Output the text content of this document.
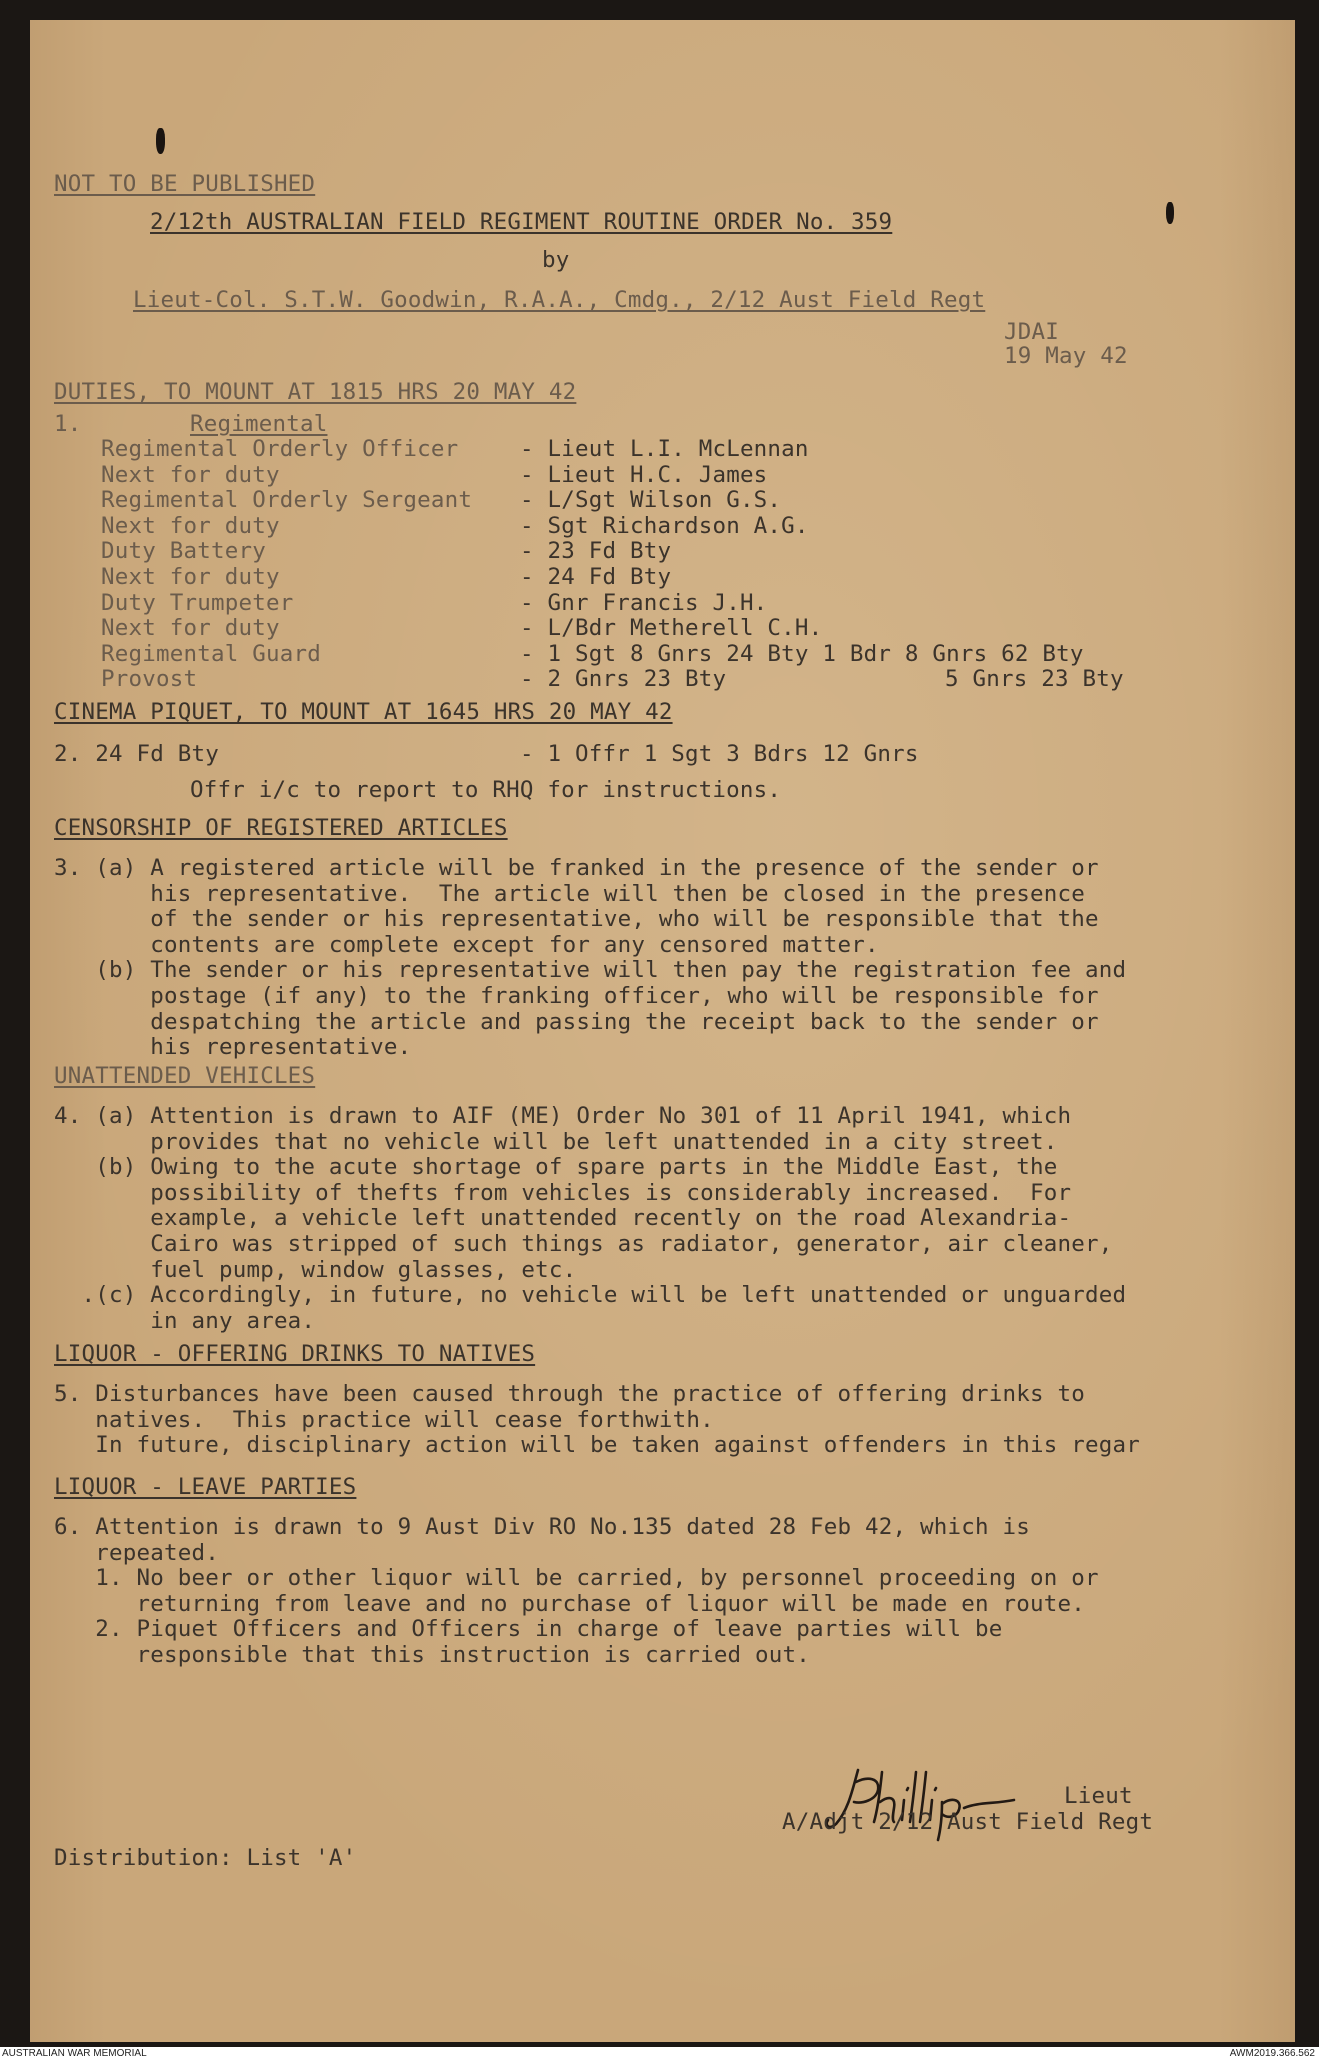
NOT TO BE PUBLISHED
2/12th AUSTRALIAN FIELD REGIMENT ROUTINE ORDER No. 359
by
Lieut-Col. S.T.W. Goodwin, R.A.A., Cmdg., 2/12 Aust Field Regt
JDAI
19 May 42
DUTIES, TO MOUNT AT 1815 HRS 20 MAY 42
1.	Regimental
Regimental Orderly Officer	- Lieut L.I. McLennan
Next for duty	- Lieut H.C. James
Regimental Orderly Sergeant - L/Sgt Wilson G.S.
Next for duty	- Sgt Richardson A.G.
Duty Battery	- 23 Fd Bty
Next for duty	- 24 Fd Bty
Duty Trumpeter	- Gnr Francis J.H.
Next for duty	- L/Bdr Metherell C.H.
Regimental Guard	- 1 Sgt 8 Gnrs 24 Bty 1 Bdr 8 Gnrs 62 Bty
Provost	- 2 Gnrs 23 Bty	5 Gnrs 23 Bty
CINEMA PIQUET, TO MOUNT AT 1645 HRS 20 MAY 42
2. 24 Fd Bty	- 1 Offr 1 Sgt 3 Bdrs 12 Gnrs
Offr i/c to report to RHQ for instructions.
CENSORSHIP OF REGISTERED ARTICLES
3. (a) A registered article will be franked in the presence of the sender or
his representative.  The article will then be closed in the presence
of the sender or his representative, who will be responsible that the
contents are complete except for any censored matter.
(b) The sender or his representative will then pay the registration fee and
postage (if any) to the franking officer, who will be responsible for
despatching the article and passing the receipt back to the sender or
his representative.
UNATTENDED VEHICLES
4. (a) Attention is drawn to AIF (ME) Order No 301 of 11 April 1941, which
provides that no vehicle will be left unattended in a city street.
(b) Owing to the acute shortage of spare parts in the Middle East, the
possibility of thefts from vehicles is considerably increased.  For
example, a vehicle left unattended recently on the road Alexandria-
Cairo was stripped of such things as radiator, generator, air cleaner,
fuel pump, window glasses, etc.
.(c) Accordingly, in future, no vehicle will be left unattended or unguarded
in any area.
LIQUOR - OFFERING DRINKS TO NATIVES
5. Disturbances have been caused through the practice of offering drinks to
natives.  This practice will cease forthwith.
In future, disciplinary action will be taken against offenders in this regar
LIQUOR - LEAVE PARTIES
6. Attention is drawn to 9 Aust Div RO No.135 dated 28 Feb 42, which is
repeated.
1. No beer or other liquor will be carried, by personnel proceeding on or
returning from leave and no purchase of liquor will be made en route.
2. Piquet Officers and Officers in charge of leave parties will be
responsible that this instruction is carried out.
Lieut
A/Adjt 2/12 Aust Field Regt
Distribution: List 'A'
AUSTRALIAN WAR MEMORIAL	AWM2019.366.562
